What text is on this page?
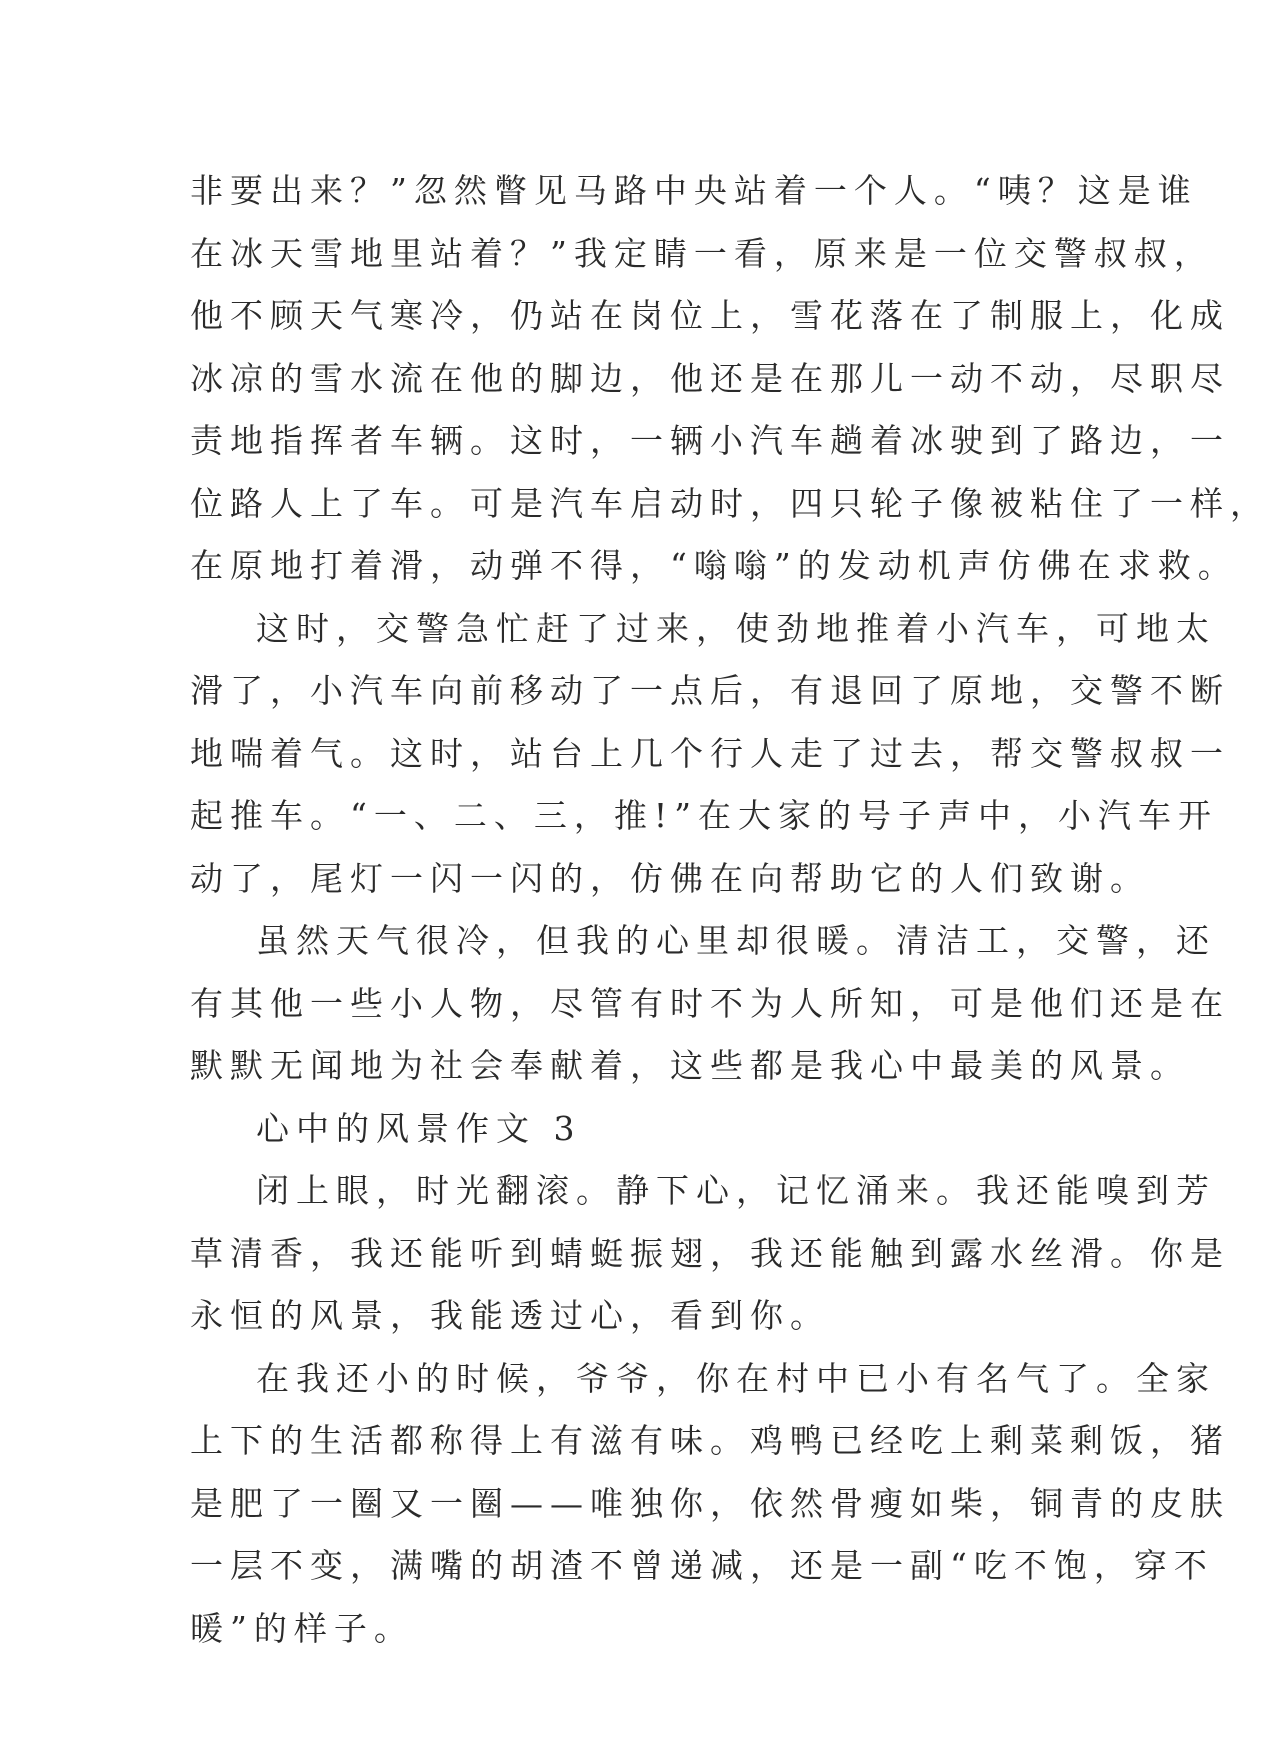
非要出来？”忽然瞥见马路中央站着一个人。“咦？这是谁
在冰天雪地里站着？”我定睛一看，原来是一位交警叔叔，
他不顾天气寒冷，仍站在岗位上，雪花落在了制服上，化成
冰凉的雪水流在他的脚边，他还是在那儿一动不动，尽职尽
责地指挥者车辆。这时，一辆小汽车趟着冰驶到了路边，一
位路人上了车。可是汽车启动时，四只轮子像被粘住了一样，
在原地打着滑，动弹不得，“嗡嗡”的发动机声仿佛在求救。
这时，交警急忙赶了过来，使劲地推着小汽车，可地太
滑了，小汽车向前移动了一点后，有退回了原地，交警不断
地喘着气。这时，站台上几个行人走了过去，帮交警叔叔一
起推车。“一、二、三，推!”在大家的号子声中，小汽车开
动了，尾灯一闪一闪的，仿佛在向帮助它的人们致谢。
虽然天气很冷，但我的心里却很暖。清洁工，交警，还
有其他一些小人物，尽管有时不为人所知，可是他们还是在
默默无闻地为社会奉献着，这些都是我心中最美的风景。
心中的风景作文 3
闭上眼，时光翻滚。静下心，记忆涌来。我还能嗅到芳
草清香，我还能听到蜻蜓振翅，我还能触到露水丝滑。你是
永恒的风景，我能透过心，看到你。
在我还小的时候，爷爷，你在村中已小有名气了。全家
上下的生活都称得上有滋有味。鸡鸭已经吃上剩菜剩饭，猪
是肥了一圈又一圈——唯独你，依然骨瘦如柴，铜青的皮肤
一层不变，满嘴的胡渣不曾递减，还是一副“吃不饱，穿不
暖”的样子。
